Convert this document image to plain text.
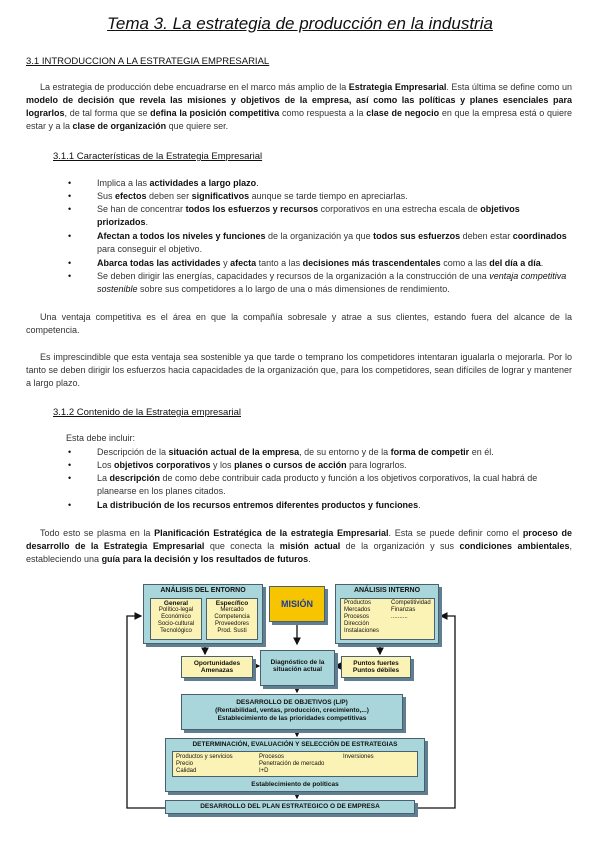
Tema 3. La estrategia de producción en la industria
3.1 INTRODUCCION A LA ESTRATEGIA EMPRESARIAL
La estrategia de producción debe encuadrarse en el marco más amplio de la Estrategia Empresarial. Esta última se define como un modelo de decisión que revela las misiones y objetivos de la empresa, así como las políticas y planes esenciales para lograrlos, de tal forma que se defina la posición competitiva como respuesta a la clase de negocio en que la empresa está o quiere estar y a la clase de organización que quiere ser.
3.1.1 Características de la Estrategia Empresarial
•	Implica a las actividades a largo plazo.
•	Sus efectos deben ser significativos aunque se tarde tiempo en apreciarlas.
•	Se han de concentrar todos los esfuerzos y recursos corporativos en una estrecha escala de objetivos priorizados.
•	Afectan a todos los niveles y funciones de la organización ya que todos sus esfuerzos deben estar coordinados para conseguir el objetivo.
•	Abarca todas las actividades y afecta tanto a las decisiones más trascendentales como a las del día a día.
•	Se deben dirigir las energías, capacidades y recursos de la organización a la construcción de una ventaja competitiva sostenible sobre sus competidores a lo largo de una o más dimensiones de rendimiento.
Una ventaja competitiva es el área en que la compañía sobresale y atrae a sus clientes, estando fuera del alcance de la competencia.
Es imprescindible que esta ventaja sea sostenible ya que tarde o temprano los competidores intentaran igualarla o mejorarla. Por lo tanto se deben dirigir los esfuerzos hacia capacidades de la organización que, para los competidores, sean difíciles de lograr y mantener a largo plazo.
3.1.2 Contenido de la Estrategia empresarial
Esta debe incluir:
•	Descripción de la situación actual de la empresa, de su entorno y de la forma de competir en él.
•	Los objetivos corporativos y los planes o cursos de acción para lograrlos.
•	La descripción de como debe contribuir cada producto y función a los objetivos corporativos, la cual habrá de planearse en los planes citados.
•	La distribución de los recursos entremos diferentes productos y funciones.
Todo esto se plasma en la Planificación Estratégica de la estrategia Empresarial. Esta se puede definir como el proceso de desarrollo de la Estrategia Empresarial que conecta la misión actual de la organización y sus condiciones ambientales, estableciendo una guía para la decisión y los resultados de futuros.
ANÁLISIS DEL ENTORNO
General
Político-legal
Económico
Socio-cultural
Tecnológico
Específico
Mercado
Competencia
Proveedores
Prod. Susti
MISIÓN
ANÁLISIS INTERNO
Productos
Mercados
Procesos
Dirección
Instalaciones
Competitividad
Finanzas
..........
Oportunidades
Amenazas
Diagnóstico de la
situación actual
Puntos fuertes
Puntos débiles
DESARROLLO DE OBJETIVOS (L/P)
(Rentabilidad, ventas, producción, crecimiento,...)
Establecimiento de las prioridades competitivas
DETERMINACIÓN, EVALUACIÓN Y SELECCIÓN DE ESTRATEGIAS
Productos y servicios
Precio
Calidad
Procesos
Penetración de mercado
I+D
Inversiones
Establecimiento de políticas
DESARROLLO DEL PLAN ESTRATEGICO O DE EMPRESA
